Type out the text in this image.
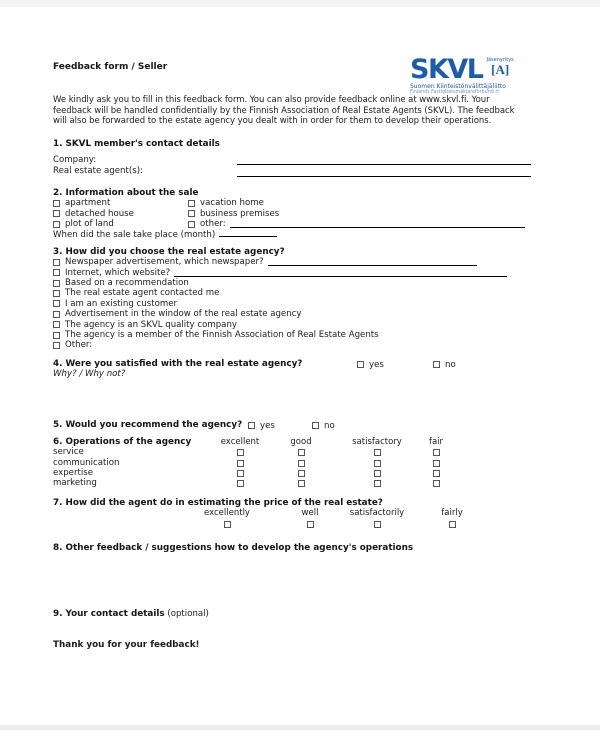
Feedback form / Seller	SKVL Jäsenyritys
[A]
Suomen Kiinteistönvälittäjäliitto
Finlands Fastighetsmäklareförbund rf
We kindly ask you to fill in this feedback form. You can also provide feedback online at www.skvl.fi. Your
feedback will be handled confidentially by the Finnish Association of Real Estate Agents (SKVL). The feedback
will also be forwarded to the estate agency you dealt with in order for them to develop their operations.
1. SKVL member's contact details
Company:
Real estate agent(s):
2. Information about the sale
apartment	vacation home
detached house	business premises
plot of land	other:
When did the sale take place (month)
3. How did you choose the real estate agency?
Newspaper advertisement, which newspaper?
Internet, which website?
Based on a recommendation
The real estate agent contacted me
I am an existing customer
Advertisement in the window of the real estate agency
The agency is an SKVL quality company
The agency is a member of the Finnish Association of Real Estate Agents
Other:
4. Were you satisfied with the real estate agency?	yes	no
Why? / Why not?
5. Would you recommend the agency? yes	no
6. Operations of the agency	excellent	good	satisfactory	fair
service
communication
expertise
marketing
7. How did the agent do in estimating the price of the real estate?
excellently	well	satisfactorily	fairly
8. Other feedback / suggestions how to develop the agency's operations
9. Your contact details (optional)
Thank you for your feedback!
